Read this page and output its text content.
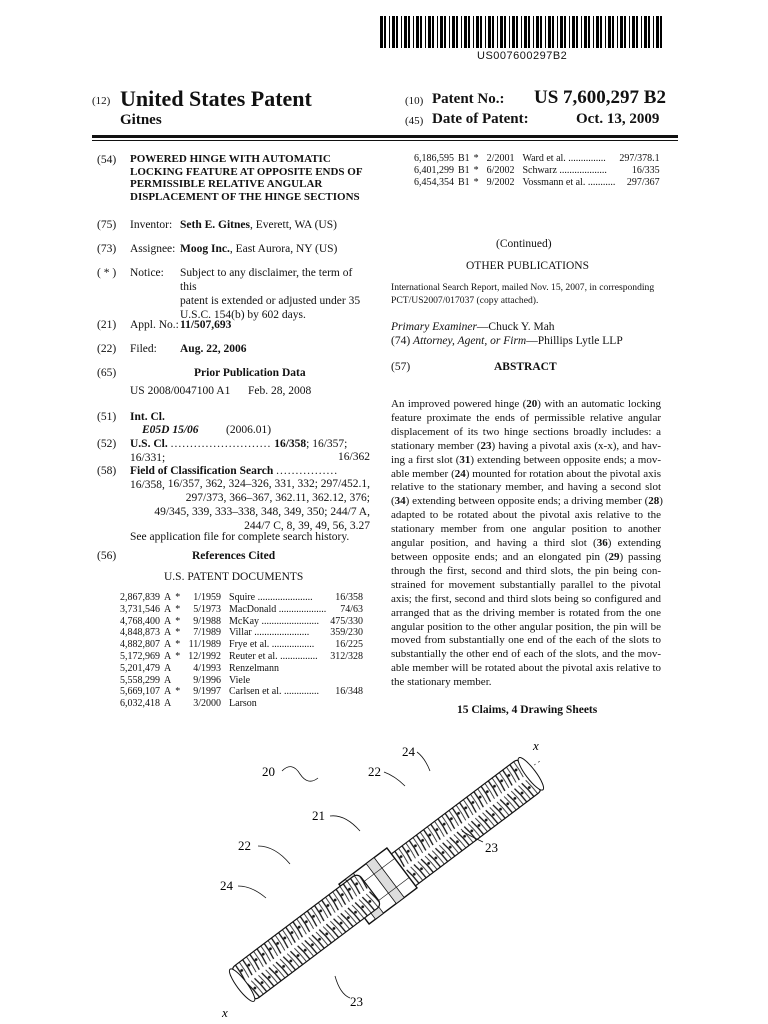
US007600297B2
(12) United States Patent
Gitnes
(10) Patent No.: US 7,600,297 B2
(45) Date of Patent:	Oct. 13, 2009
(54) POWERED HINGE WITH AUTOMATIC
LOCKING FEATURE AT OPPOSITE ENDS OF
PERMISSIBLE RELATIVE ANGULAR
DISPLACEMENT OF THE HINGE SECTIONS
(75) Inventor: Seth E. Gitnes, Everett, WA (US)
(73) Assignee: Moog Inc., East Aurora, NY (US)
( * ) Notice: Subject to any disclaimer, the term of this
patent is extended or adjusted under 35
U.S.C. 154(b) by 602 days.
(21) Appl. No.: 11/507,693
(22) Filed: Aug. 22, 2006
(65)	Prior Publication Data
US 2008/0047100 A1 Feb. 28, 2008
(51) Int. Cl.
E05D 15/06 (2006.01)
(52) U.S. Cl. .......................... 16/358; 16/357; 16/331;	16/362
(58) Field of Classification Search ................ 16/358, 16/357, 362, 324–326, 331, 332; 297/452.1,
297/373, 366–367, 362.11, 362.12, 376;
49/345, 339, 333–338, 348, 349, 350; 244/7 A,
244/7 C, 8, 39, 49, 56, 3.27
See application file for complete search history.
(56)	References Cited
U.S. PATENT DOCUMENTS
2,867,839	A	*	1/1959	Squire ......................	16/358
3,731,546	A	*	5/1973	MacDonald ...................	74/63
4,768,400	A	*	9/1988	McKay .......................	475/330
4,848,873	A	*	7/1989	Villar ......................	359/230
4,882,807	A	*	11/1989	Frye et al. .................	16/225
5,172,969	A	*	12/1992	Reuter et al. ...............	312/328
5,201,479	A		4/1993	Renzelmann	
5,558,299	A		9/1996	Viele	
5,669,107	A	*	9/1997	Carlsen et al. ..............	16/348
6,032,418	A		3/2000	Larson	
6,186,595	B1	*	2/2001	Ward et al. ...............	297/378.1
6,401,299	B1	*	6/2002	Schwarz ...................	16/335
6,454,354	B1	*	9/2002	Vossmann et al. ...........	297/367
(Continued)
OTHER PUBLICATIONS
International Search Report, mailed Nov. 15, 2007, in corresponding
PCT/US2007/017037 (copy attached).
Primary Examiner—Chuck Y. Mah
(74) Attorney, Agent, or Firm—Phillips Lytle LLP
(57)	ABSTRACT
An improved powered hinge (20) with an automatic locking
feature proximate the ends of permissible relative angular
displacement of its two hinge sections broadly includes: a
stationary member (23) having a pivotal axis (x-x), and hav-
ing a first slot (31) extending between opposite ends; a mov-
able member (24) mounted for rotation about the pivotal axis
relative to the stationary member, and having a second slot
(34) extending between opposite ends; a driving member (28)
adapted to be rotated about the pivotal axis relative to the
stationary member from one angular position to another
angular position, and having a third slot (36) extending
between opposite ends; and an elongated pin (29) passing
through the first, second and third slots, the pin being con-
strained for movement substantially parallel to the pivotal
axis; the first, second and third slots being so configured and
arranged that as the driving member is rotated from the one
angular position to the other angular position, the pin will be
moved from substantially one end of the each of the slots to
substantially the other end of each of the slots, and the mov-
able member will be rotated about the pivotal axis relative to
the stationary member.
15 Claims, 4 Drawing Sheets
24	x
20	22
21
23
22
23
24
x
